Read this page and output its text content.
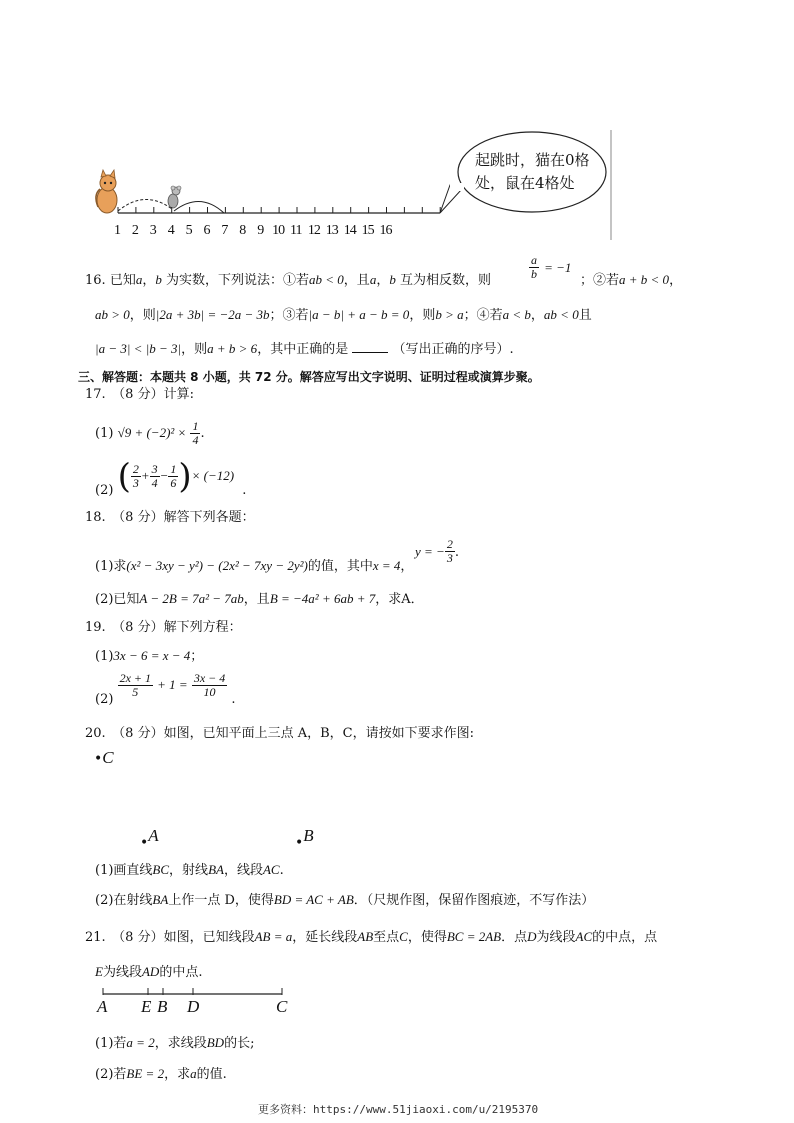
1 2 3 4 5 6 7 8 9 10 11 12 13 14 15 16
起跳时，猫在0格
处，鼠在4格处
16. 已知a，b 为实数，下列说法：①若ab < 0，且a，b 互为相反数，则	$\frac{a}{b} = -1$
；②若a + b < 0，
ab > 0，则|2a + 3b| = −2a − 3b；③若|a − b| + a − b = 0，则b > a；④若a < b，ab < 0且
|a − 3| < |b − 3|，则a + b > 6，其中正确的是	（写出正确的序号）.
三、解答题：本题共 8 小题，共 72 分。解答应写出文字说明、证明过程或演算步聚。
17.　（8 分）计算:
(1) $√9 + (-2)^2 \times \frac{1}{4}$ .
(2) ( $\frac{2}{3} + \frac{3}{4} - \frac{1}{6}$ )× (−12) .
18.　（8 分）解答下列各题：
(1)求(x² − 3xy − y²) − (2x² − 7xy − 2y²)的值，其中x = 4，
y = − $\frac{2}{3}$ .
(2)已知A − 2B = 7a² − 7ab，且B = −4a² + 6ab + 7，求A．
19.　（8 分）解下列方程：
(1)3x − 6 = x − 4；
(2)
$\frac{2x + 1}{5} + 1 = \frac{3x - 4}{10}$
.
20.　（8 分）如图，已知平面上三点 A，B，C，请按如下要求作图:
•C
•A	•B
(1)画直线BC，射线BA，线段AC.
(2)在射线BA上作一点 D，使得BD = AC + AB．（尺规作图，保留作图痕迹，不写作法）
21.　（8 分）如图，已知线段AB = a，延长线段AB至点C，使得BC = 2AB．点D为线段AC的中点，点
E为线段AD的中点.
A E B D	C
(1)若a = 2，求线段BD的长;
(2)若BE = 2，求a的值.
更多资料：https://www.51jiaoxi.com/u/2195370
